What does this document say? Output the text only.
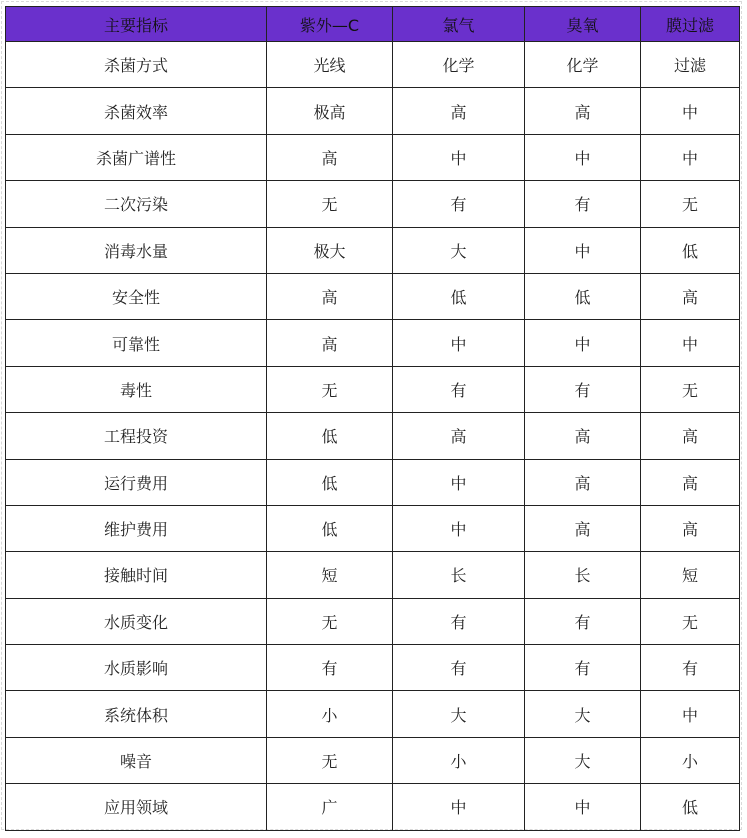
主要指标	紫外—C	氯气	臭氧	膜过滤
杀菌方式	光线	化学	化学	过滤
杀菌效率	极高	高	高	中
杀菌广谱性	高	中	中	中
二次污染	无	有	有	无
消毒水量	极大	大	中	低
安全性	高	低	低	高
可靠性	高	中	中	中
毒性	无	有	有	无
工程投资	低	高	高	高
运行费用	低	中	高	高
维护费用	低	中	高	高
接触时间	短	长	长	短
水质变化	无	有	有	无
水质影响	有	有	有	有
系统体积	小	大	大	中
噪音	无	小	大	小
应用领域	广	中	中	低
